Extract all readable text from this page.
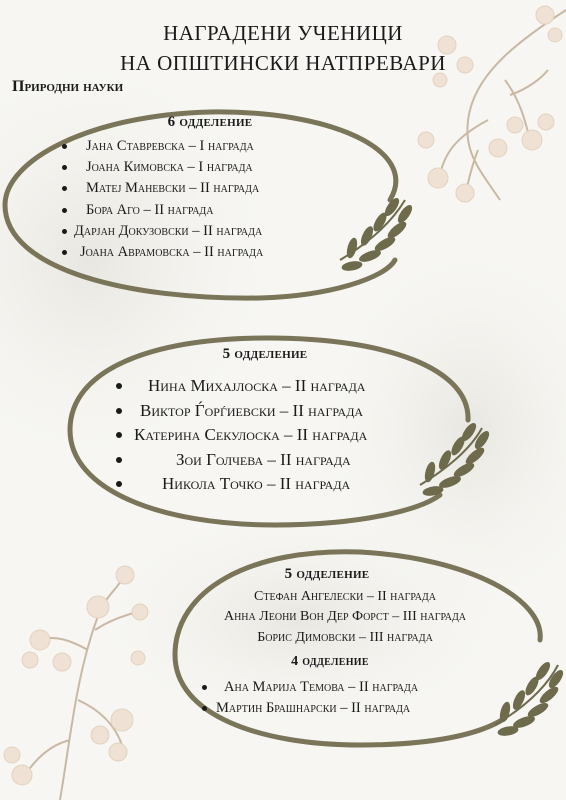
НАГРАДЕНИ УЧЕНИЦИ
НА ОПШТИНСКИ НАТПРЕВАРИ
Природни науки
6 одделение
Јана Ставревска – I награда
Јоана Кимовска – I награда
Матеј Маневски – II награда
Бора Аго – II награда
Дарјан Докузовски – II награда
Јоана Аврамовска – II награда
5 одделение
Нина Михајлоска – II награда
Виктор Ѓорѓиевски – II награда
Катерина Секулоска – II награда
Зои Голчева – II награда
Никола Точко – II награда
5 одделение
Стефан Ангелески – II награда
Анна Леони Вон Дер Форст – III награда
Борис Димовски – III награда
4 одделение
Ана Марија Темова – II награда
Мартин Брашнарски – II награда
